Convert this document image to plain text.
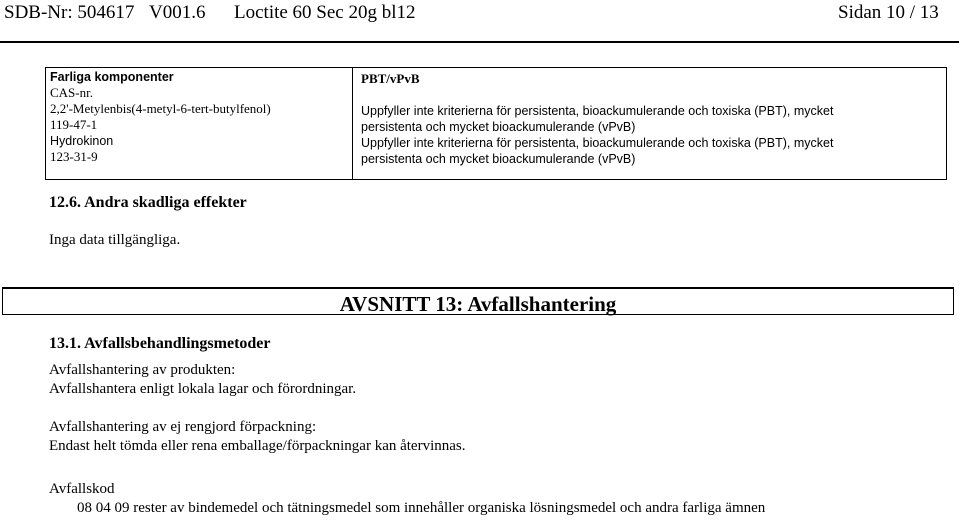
SDB-Nr: 504617 V001.6 Loctite 60 Sec 20g bl12	Sidan 10 / 13
Farliga komponenter
CAS-nr.
2,2'-Metylenbis(4-metyl-6-tert-butylfenol)
119-47-1
Hydrokinon
123-31-9
PBT/vPvB
Uppfyller inte kriterierna för persistenta, bioackumulerande och toxiska (PBT), mycket
persistenta och mycket bioackumulerande (vPvB)
Uppfyller inte kriterierna för persistenta, bioackumulerande och toxiska (PBT), mycket
persistenta och mycket bioackumulerande (vPvB)
12.6. Andra skadliga effekter
Inga data tillgängliga.
AVSNITT 13: Avfallshantering
13.1. Avfallsbehandlingsmetoder
Avfallshantering av produkten:
Avfallshantera enligt lokala lagar och förordningar.
Avfallshantering av ej rengjord förpackning:
Endast helt tömda eller rena emballage/förpackningar kan återvinnas.
Avfallskod
08 04 09 rester av bindemedel och tätningsmedel som innehåller organiska lösningsmedel och andra farliga ämnen
